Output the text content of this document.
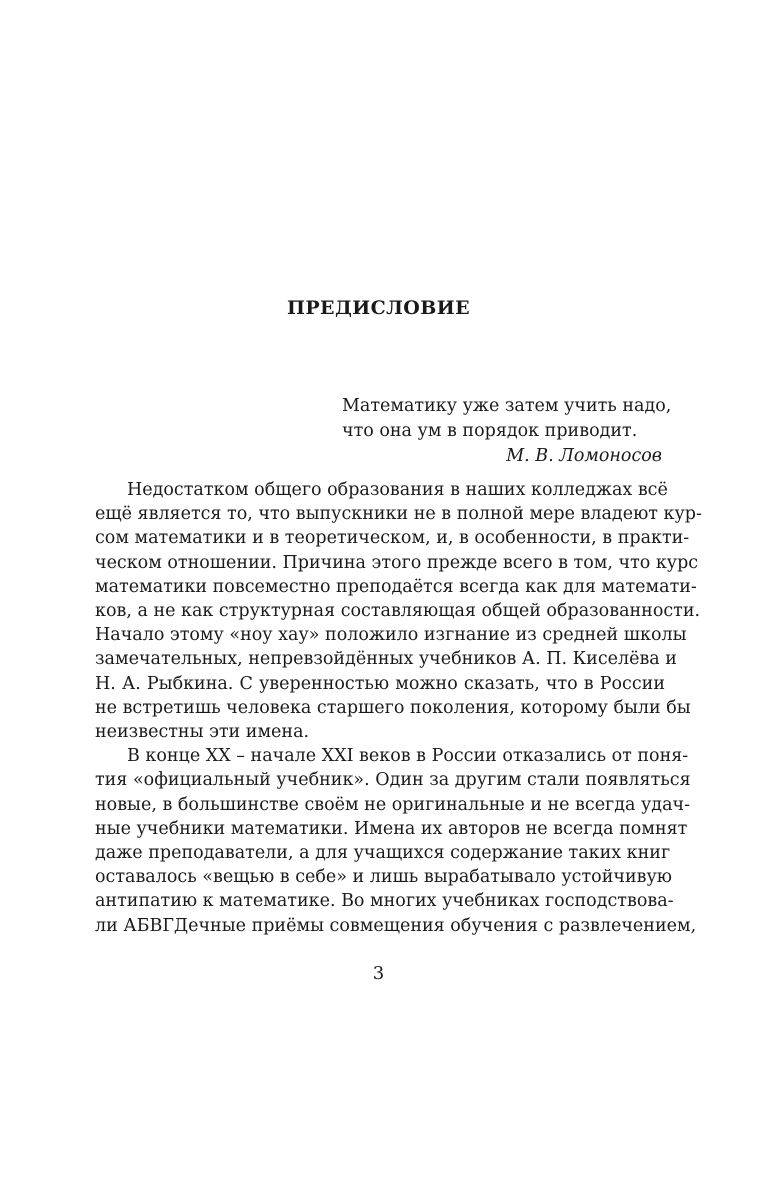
ПРЕДИСЛОВИЕ
Математику уже затем учить надо,
что она ум в порядок приводит.
М. В. Ломоносов
Недостатком общего образования в наших колледжах всё
ещё является то, что выпускники не в полной мере владеют кур-
сом математики и в теоретическом, и, в особенности, в практи-
ческом отношении. Причина этого прежде всего в том, что курс
математики повсеместно преподаётся всегда как для математи-
ков, а не как структурная составляющая общей образованности.
Начало этому «ноу хау» положило изгнание из средней школы
замечательных, непревзойдённых учебников А. П. Киселёва и
Н. А. Рыбкина. С уверенностью можно сказать, что в России
не встретишь человека старшего поколения, которому были бы
неизвестны эти имена.
В конце XX – начале XXI веков в России отказались от поня-
тия «официальный учебник». Один за другим стали появляться
новые, в большинстве своём не оригинальные и не всегда удач-
ные учебники математики. Имена их авторов не всегда помнят
даже преподаватели, а для учащихся содержание таких книг
оставалось «вещью в себе» и лишь вырабатывало устойчивую
антипатию к математике. Во многих учебниках господствова-
ли АБВГДечные приёмы совмещения обучения с развлечением,
3
